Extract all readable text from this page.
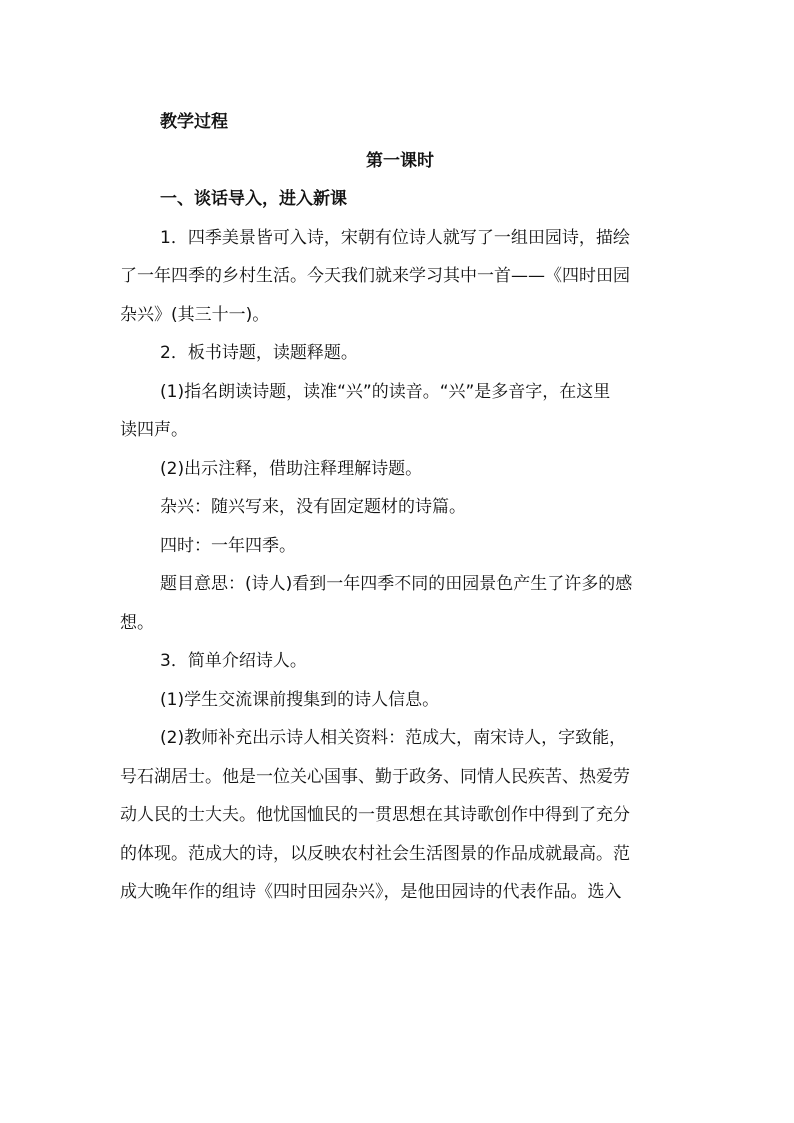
教学过程
第一课时
一、谈话导入，进入新课
1．四季美景皆可入诗，宋朝有位诗人就写了一组田园诗，描绘
了一年四季的乡村生活。今天我们就来学习其中一首——《四时田园
杂兴》(其三十一)。
2．板书诗题，读题释题。
(1)指名朗读诗题，读准“兴”的读音。“兴”是多音字，在这里
读四声。
(2)出示注释，借助注释理解诗题。
杂兴：随兴写来，没有固定题材的诗篇。
四时：一年四季。
题目意思：(诗人)看到一年四季不同的田园景色产生了许多的感
想。
3．简单介绍诗人。
(1)学生交流课前搜集到的诗人信息。
(2)教师补充出示诗人相关资料：范成大，南宋诗人，字致能，
号石湖居士。他是一位关心国事、勤于政务、同情人民疾苦、热爱劳
动人民的士大夫。他忧国恤民的一贯思想在其诗歌创作中得到了充分
的体现。范成大的诗，以反映农村社会生活图景的作品成就最高。范
成大晚年作的组诗《四时田园杂兴》，是他田园诗的代表作品。选入
